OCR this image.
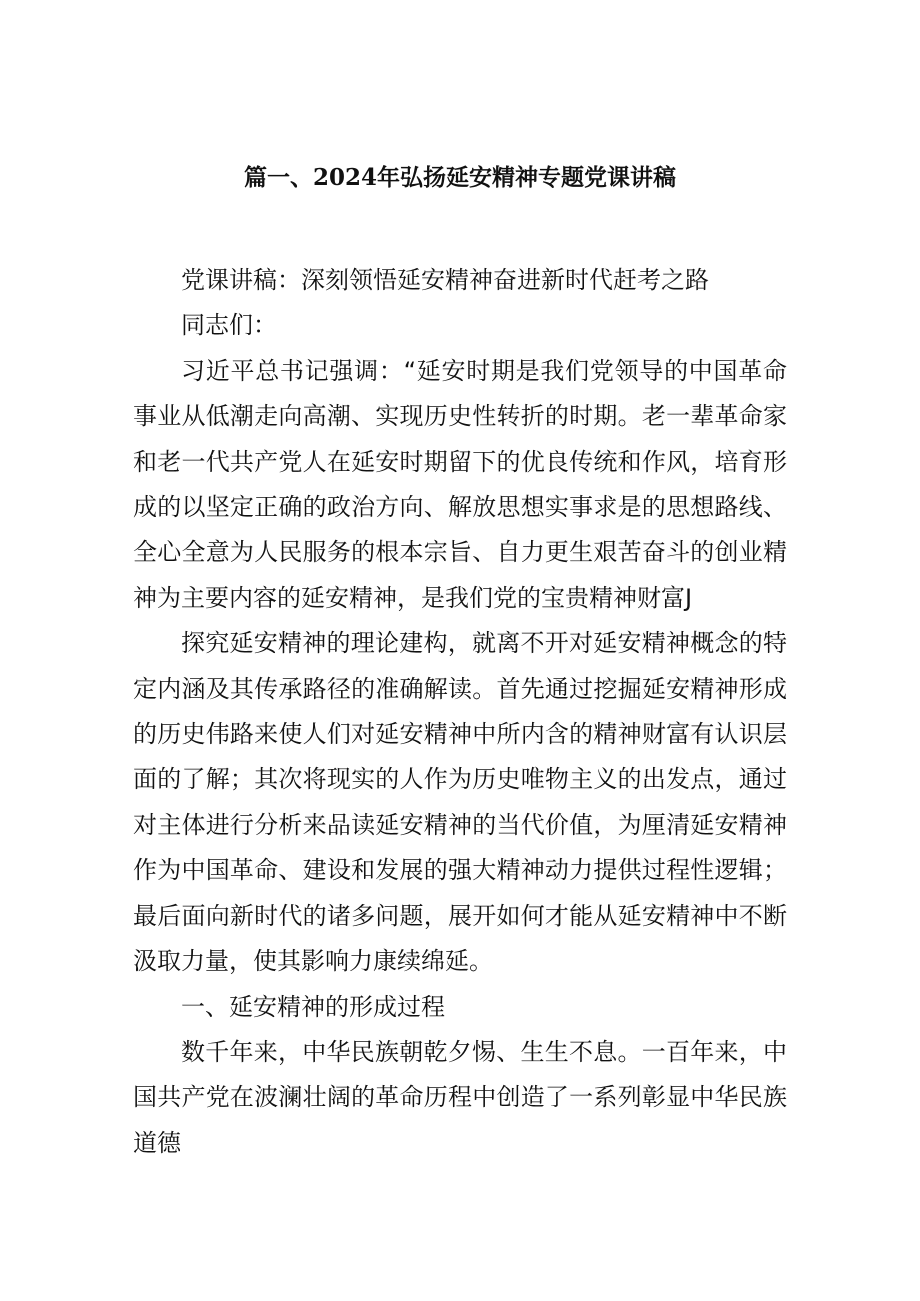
篇一、2024年弘扬延安精神专题党课讲稿

党课讲稿：深刻领悟延安精神奋进新时代赶考之路

同志们：

习近平总书记强调：“延安时期是我们党领导的中国革命事业从低潮走向高潮、实现历史性转折的时期。老一辈革命家和老一代共产党人在延安时期留下的优良传统和作风，培育形成的以坚定正确的政治方向、解放思想实事求是的思想路线、全心全意为人民服务的根本宗旨、自力更生艰苦奋斗的创业精神为主要内容的延安精神，是我们党的宝贵精神财富J

探究延安精神的理论建构，就离不开对延安精神概念的特定内涵及其传承路径的准确解读。首先通过挖掘延安精神形成的历史伟路来使人们对延安精神中所内含的精神财富有认识层面的了解；其次将现实的人作为历史唯物主义的出发点，通过对主体进行分析来品读延安精神的当代价值，为厘清延安精神作为中国革命、建设和发展的强大精神动力提供过程性逻辑；最后面向新时代的诸多问题，展开如何才能从延安精神中不断汲取力量，使其影响力康续绵延。

一、延安精神的形成过程

数千年来，中华民族朝乾夕惕、生生不息。一百年来，中国共产党在波澜壮阔的革命历程中创造了一系列彰显中华民族道德
